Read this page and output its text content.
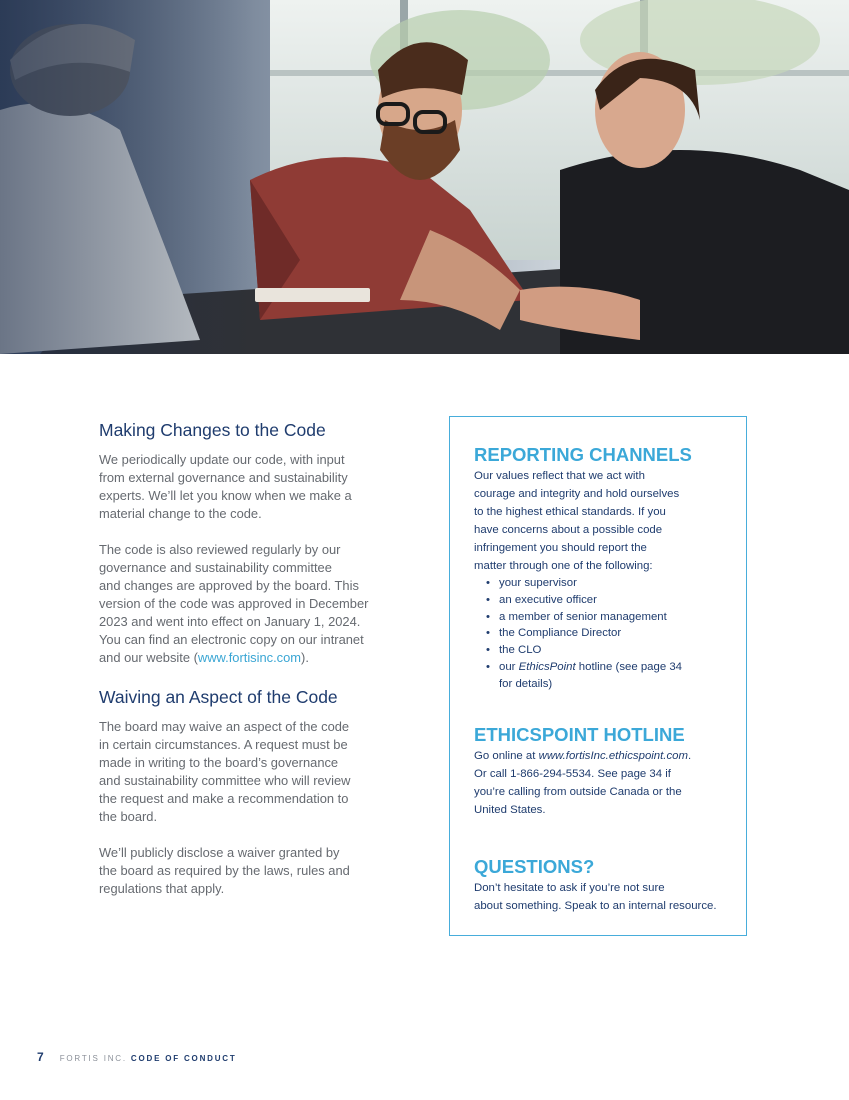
Making Changes to the Code

We periodically update our code, with input
from external governance and sustainability
experts. We’ll let you know when we make a
material change to the code.

The code is also reviewed regularly by our
governance and sustainability committee
and changes are approved by the board. This
version of the code was approved in December
2023 and went into effect on January 1, 2024.
You can find an electronic copy on our intranet
and our website (www.fortisinc.com).

Waiving an Aspect of the Code

The board may waive an aspect of the code
in certain circumstances. A request must be
made in writing to the board’s governance
and sustainability committee who will review
the request and make a recommendation to
the board.

We’ll publicly disclose a waiver granted by
the board as required by the laws, rules and
regulations that apply.

REPORTING CHANNELS

Our values reflect that we act with
courage and integrity and hold ourselves
to the highest ethical standards. If you
have concerns about a possible code
infringement you should report the
matter through one of the following:

• your supervisor
• an executive officer
• a member of senior management
• the Compliance Director
• the CLO
• our EthicsPoint hotline (see page 34
for details)
ETHICSPOINT HOTLINE

Go online at www.fortisInc.ethicspoint.com.
Or call 1-866-294-5534. See page 34 if
you’re calling from outside Canada or the
United States.

QUESTIONS?

Don’t hesitate to ask if you’re not sure
about something. Speak to an internal resource.

7 FORTIS INC. CODE OF CONDUCT
